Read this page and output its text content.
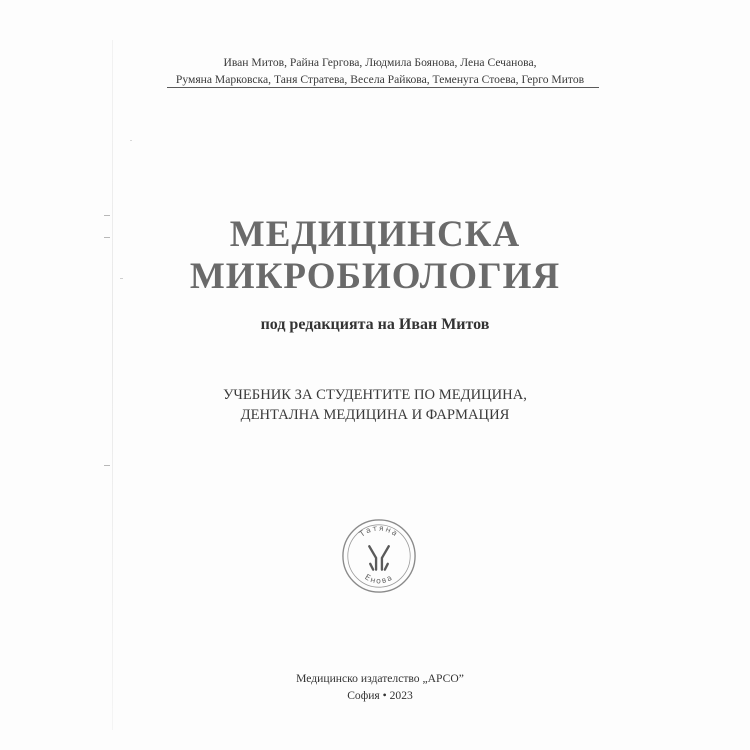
Иван Митов, Райна Гергова, Людмила Боянова, Лена Сечанова,
Румяна Марковска, Таня Стратева, Весела Райкова, Теменуга Стоева, Герго Митов
МЕДИЦИНСКА
МИКРОБИОЛОГИЯ
под редакцията на Иван Митов
УЧЕБНИК ЗА СТУДЕНТИТЕ ПО МЕДИЦИНА,
ДЕНТАЛНА МЕДИЦИНА И ФАРМАЦИЯ
Татяна
Енова
Медицинско издателство „АРСО”
София • 2023
